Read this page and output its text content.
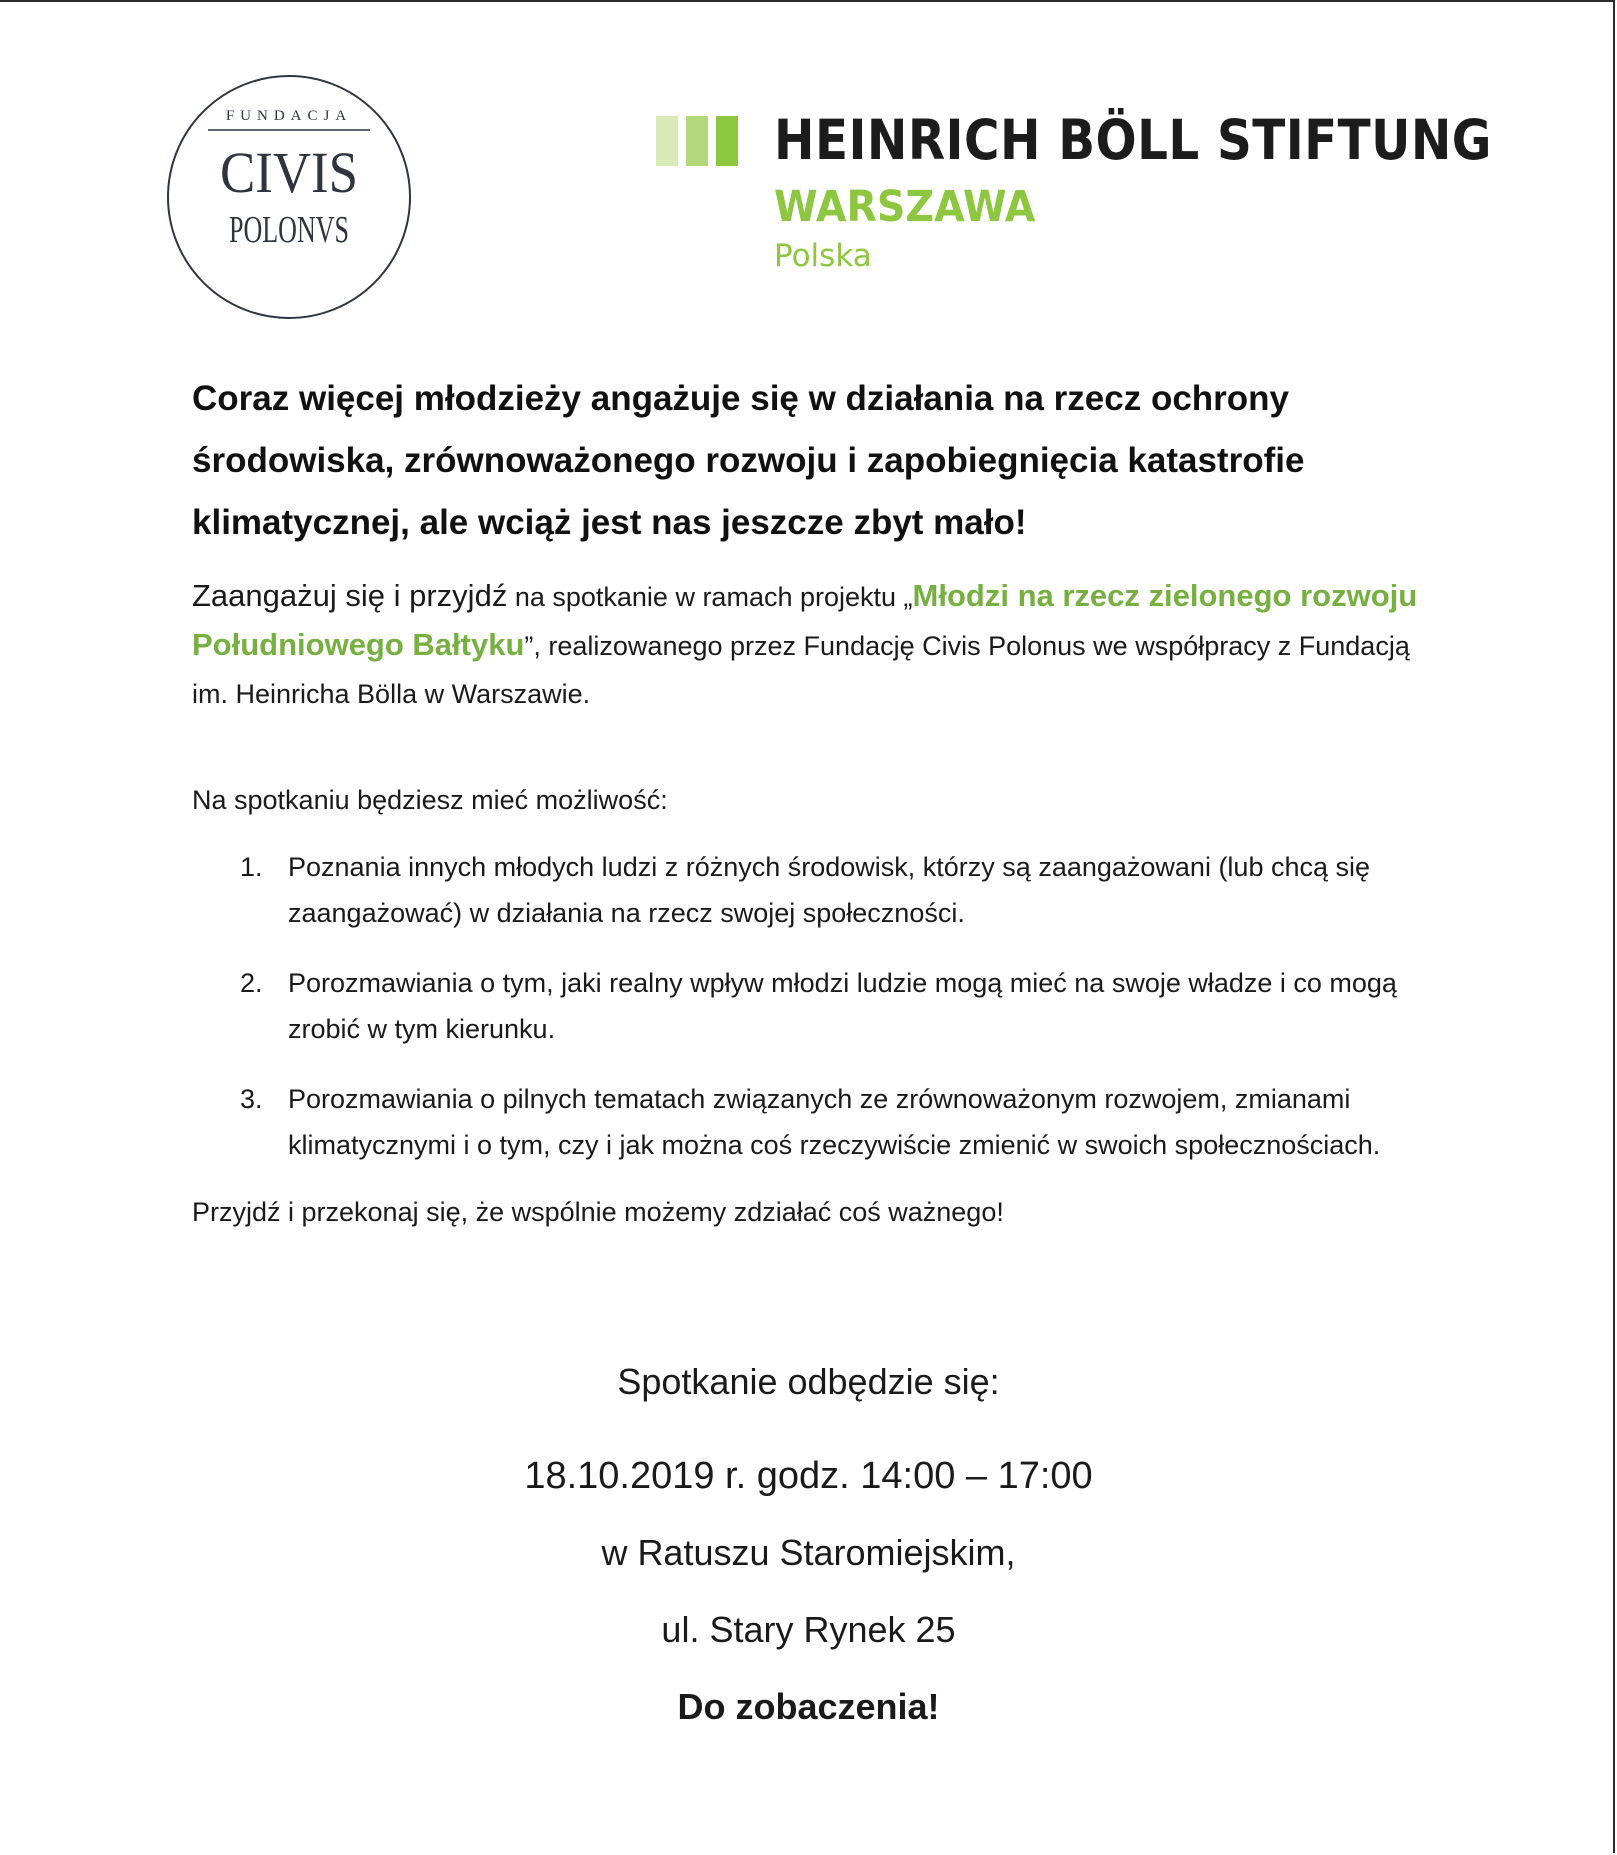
FUNDACJA
CIVIS
POLONVS
HEINRICH BÖLL STIFTUNG
WARSZAWA
Polska

Coraz więcej młodzieży angażuje się w działania na rzecz ochrony środowiska, zrównoważonego rozwoju i zapobiegnięcia katastrofie klimatycznej, ale wciąż jest nas jeszcze zbyt mało!

Zaangażuj się i przyjdź na spotkanie w ramach projektu „Młodzi na rzecz zielonego rozwoju Południowego Bałtyku”, realizowanego przez Fundację Civis Polonus we współpracy z Fundacją im. Heinricha Bölla w Warszawie.

Na spotkaniu będziesz mieć możliwość:

1. Poznania innych młodych ludzi z różnych środowisk, którzy są zaangażowani (lub chcą się zaangażować) w działania na rzecz swojej społeczności.
2. Porozmawiania o tym, jaki realny wpływ młodzi ludzie mogą mieć na swoje władze i co mogą zrobić w tym kierunku.
3. Porozmawiania o pilnych tematach związanych ze zrównoważonym rozwojem, zmianami klimatycznymi i o tym, czy i jak można coś rzeczywiście zmienić w swoich społecznościach.

Przyjdź i przekonaj się, że wspólnie możemy zdziałać coś ważnego!

Spotkanie odbędzie się:
18.10.2019 r. godz. 14:00 – 17:00
w Ratuszu Staromiejskim,
ul. Stary Rynek 25
Do zobaczenia!
